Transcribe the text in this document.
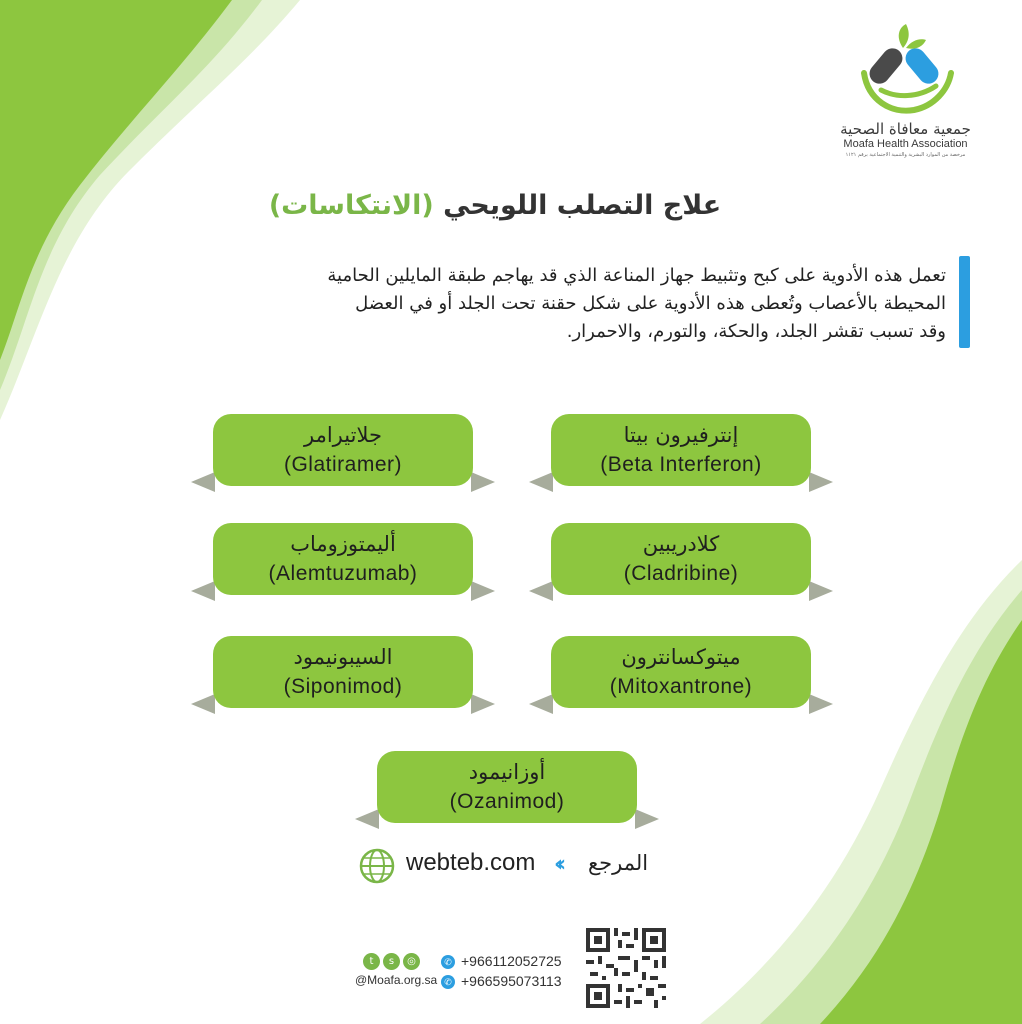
جمعية معافاة الصحية
Moafa Health Association
مرخصة من الموارد البشرية والتنمية الاجتماعية برقم ١١٢١
علاج التصلب اللويحي (الانتكاسات)

تعمل هذه الأدوية على كبح وتثبيط جهاز المناعة الذي قد يهاجم طبقة المايلين الحامية

المحيطة بالأعصاب وتُعطى هذه الأدوية على شكل حقنة تحت الجلد أو في العضل

وقد تسبب تقشر الجلد، والحكة، والتورم، والاحمرار.

إنترفيرون بيتا
(Beta Interferon)
جلاتيرامر
(Glatiramer)
كلادريبين
(Cladribine)
أليمتوزوماب
(Alemtuzumab)
ميتوكسانترون
(Mitoxantrone)
السيبونيمود
(Siponimod)
أوزانيمود
(Ozanimod)
webteb.com ‹‹ المرجع
t	s	◎
@Moafa.org.sa
✆ +966112052725
✆ +966595073113
